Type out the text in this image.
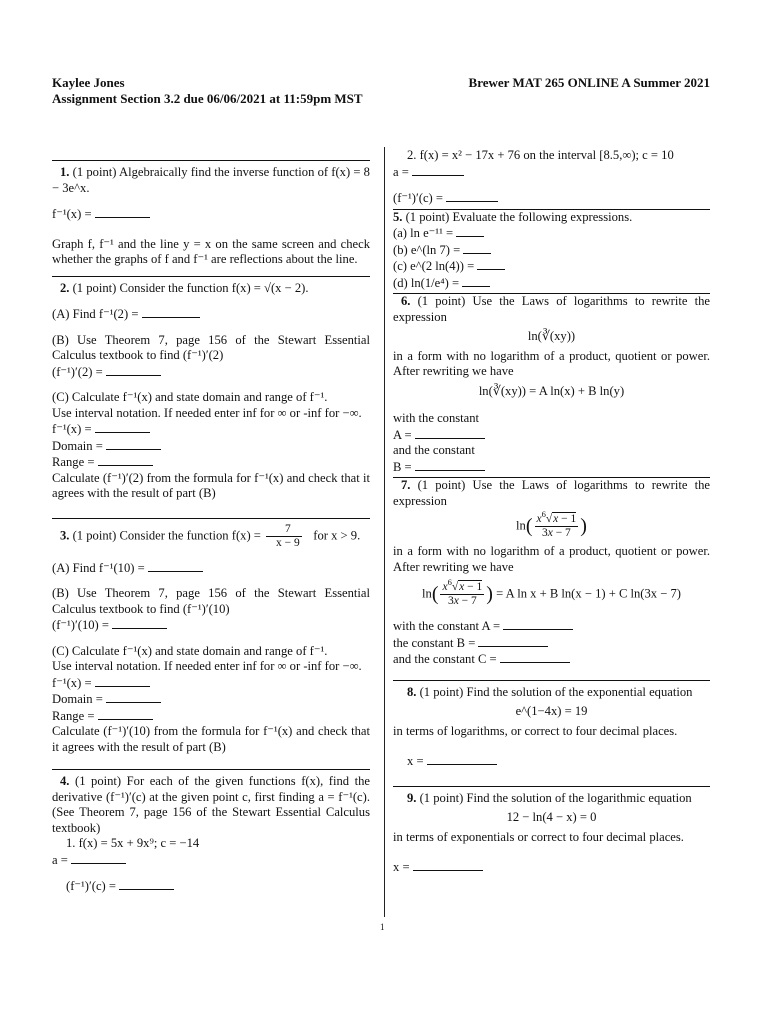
Kaylee Jones
Assignment Section 3.2 due 06/06/2021 at 11:59pm MST
Brewer MAT 265 ONLINE A Summer 2021

1. (1 point) Algebraically find the inverse function of f(x) = 8 − 3e^x.

f⁻¹(x) =

Graph f, f⁻¹ and the line y = x on the same screen and check whether the graphs of f and f⁻¹ are reflections about the line.

2. (1 point) Consider the function f(x) = √(x − 2).

(A) Find f⁻¹(2) =

(B) Use Theorem 7, page 156 of the Stewart Essential Calculus textbook to find (f⁻¹)′(2)

(f⁻¹)′(2) =

(C) Calculate f⁻¹(x) and state domain and range of f⁻¹.

Use interval notation. If needed enter inf for ∞ or -inf for −∞.

f⁻¹(x) =

Domain =

Range =

Calculate (f⁻¹)′(2) from the formula for f⁻¹(x) and check that it agrees with the result of part (B)

3. (1 point) Consider the function $f(x) = \frac{7}{x - 9}$ for x > 9.

(A) Find f⁻¹(10) =

(B) Use Theorem 7, page 156 of the Stewart Essential Calculus textbook to find (f⁻¹)′(10)

(f⁻¹)′(10) =

(C) Calculate f⁻¹(x) and state domain and range of f⁻¹.

Use interval notation. If needed enter inf for ∞ or -inf for −∞.

f⁻¹(x) =

Domain =

Range =

Calculate (f⁻¹)′(10) from the formula for f⁻¹(x) and check that it agrees with the result of part (B)

4. (1 point) For each of the given functions f(x), find the derivative (f⁻¹)′(c) at the given point c, first finding a = f⁻¹(c). (See Theorem 7, page 156 of the Stewart Essential Calculus textbook)

1. f(x) = 5x + 9x⁹; c = −14

a =

(f⁻¹)′(c) =

2. f(x) = x² − 17x + 76 on the interval [8.5,∞); c = 10

a =

(f⁻¹)′(c) =

5. (1 point) Evaluate the following expressions.

(a) ln e⁻¹¹ =

(b) e^(ln 7) =

(c) e^(2 ln(4)) =

(d) ln(1/e⁴) =

6. (1 point) Use the Laws of logarithms to rewrite the expression

ln(∛(xy))

in a form with no logarithm of a product, quotient or power. After rewriting we have

ln(∛(xy)) = A ln(x) + B ln(y)

with the constant

A =

and the constant

B =

7. (1 point) Use the Laws of logarithms to rewrite the expression

$\ln( \frac{x^6√x - 1}{3x - 7}$ )

in a form with no logarithm of a product, quotient or power. After rewriting we have

$\ln( \frac{x^6√x - 1}{3x - 7}$ ) = A ln x + B ln(x − 1) + C ln(3x − 7)

with the constant A =

the constant B =

and the constant C =

8. (1 point) Find the solution of the exponential equation

e^(1−4x) = 19

in terms of logarithms, or correct to four decimal places.

x =

9. (1 point) Find the solution of the logarithmic equation

12 − ln(4 − x) = 0

in terms of exponentials or correct to four decimal places.

x =

1
